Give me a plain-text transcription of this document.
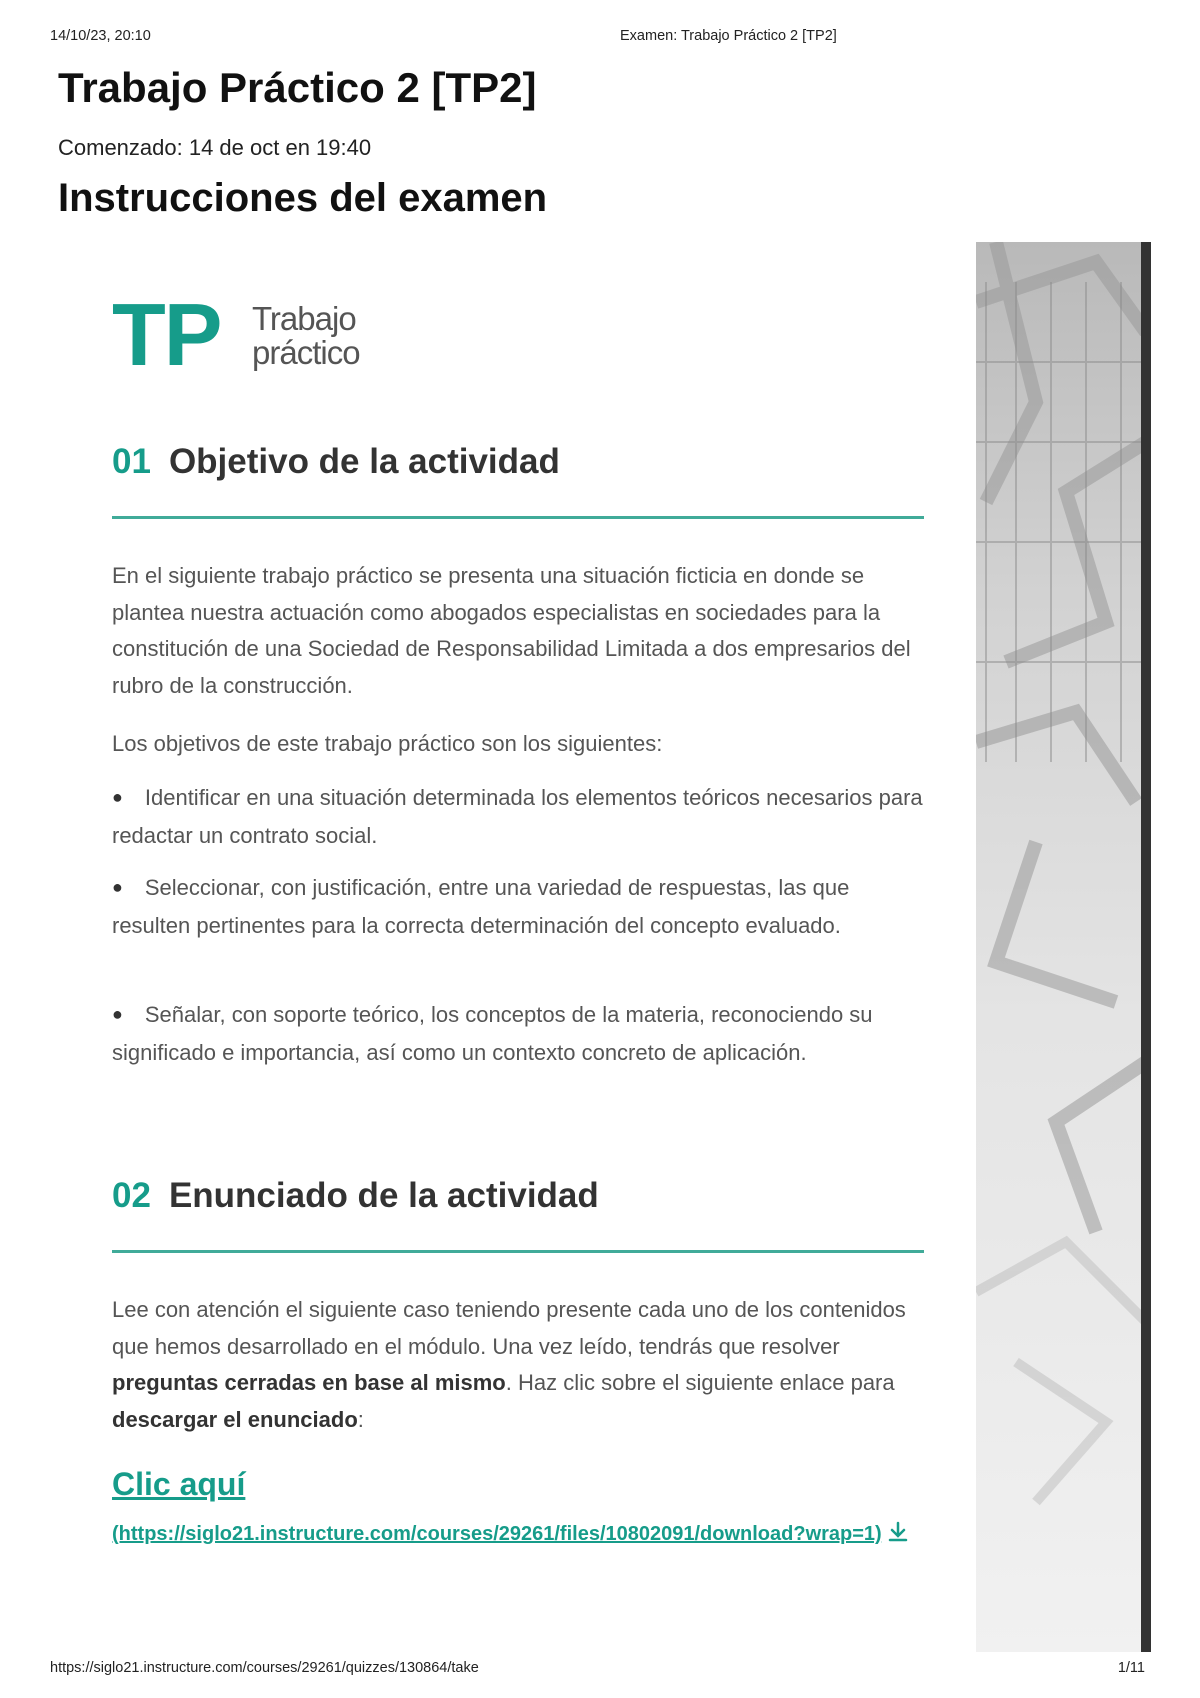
14/10/23, 20:10	Examen: Trabajo Práctico 2 [TP2]
Trabajo Práctico 2 [TP2]
Comenzado: 14 de oct en 19:40
Instrucciones del examen
TP Trabajo
práctico
01 Objetivo de la actividad

En el siguiente trabajo práctico se presenta una situación ficticia en donde se plantea nuestra actuación como abogados especialistas en sociedades para la constitución de una Sociedad de Responsabilidad Limitada a dos empresarios del rubro de la construcción.

Los objetivos de este trabajo práctico son los siguientes:

● Identificar en una situación determinada los elementos teóricos necesarios para redactar un contrato social.

● Seleccionar, con justificación, entre una variedad de respuestas, las que resulten pertinentes para la correcta determinación del concepto evaluado.

● Señalar, con soporte teórico, los conceptos de la materia, reconociendo su significado e importancia, así como un contexto concreto de aplicación.

02 Enunciado de la actividad

Lee con atención el siguiente caso teniendo presente cada uno de los contenidos que hemos desarrollado en el módulo. Una vez leído, tendrás que resolver preguntas cerradas en base al mismo. Haz clic sobre el siguiente enlace para descargar el enunciado:

Clic aquí
(https://siglo21.instructure.com/courses/29261/files/10802091/download?wrap=1)
https://siglo21.instructure.com/courses/29261/quizzes/130864/take	1/11
